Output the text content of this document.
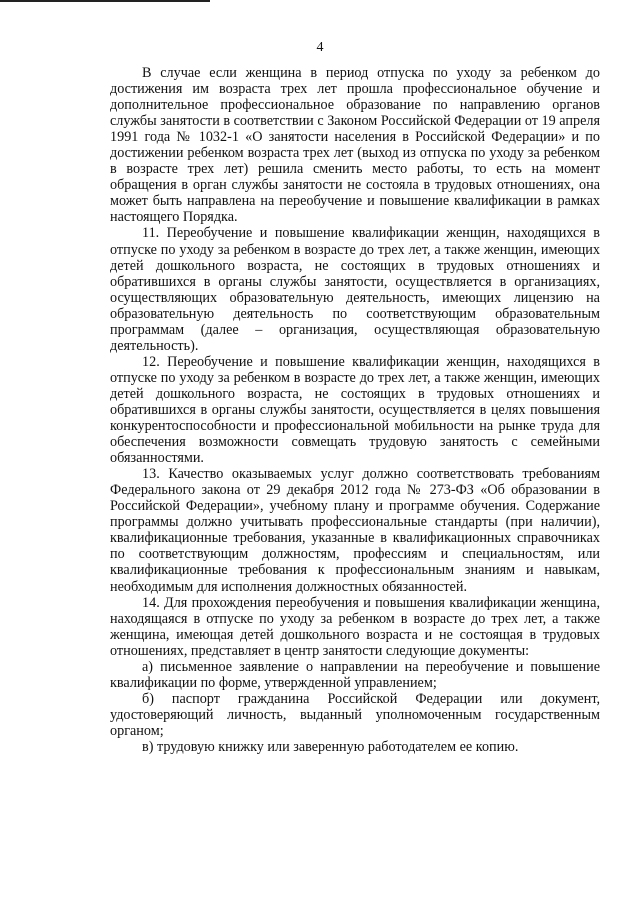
4

В случае если женщина в период отпуска по уходу за ребенком до достижения им возраста трех лет прошла профессиональное обучение и дополнительное профессиональное образование по направлению органов службы занятости в соответствии с Законом Российской Федерации от 19 апреля 1991 года № 1032-1 «О занятости населения в Российской Федерации» и по достижении ребенком возраста трех лет (выход из отпуска по уходу за ребенком в возрасте трех лет) решила сменить место работы, то есть на момент обращения в орган службы занятости не состояла в трудовых отношениях, она может быть направлена на переобучение и повышение квалификации в рамках настоящего Порядка.

11. Переобучение и повышение квалификации женщин, находящихся в отпуске по уходу за ребенком в возрасте до трех лет, а также женщин, имеющих детей дошкольного возраста, не состоящих в трудовых отношениях и обратившихся в органы службы занятости, осуществляется в организациях, осуществляющих образовательную деятельность, имеющих лицензию на образовательную деятельность по соответствующим образовательным программам (далее – организация, осуществляющая образовательную деятельность).

12. Переобучение и повышение квалификации женщин, находящихся в отпуске по уходу за ребенком в возрасте до трех лет, а также женщин, имеющих детей дошкольного возраста, не состоящих в трудовых отношениях и обратившихся в органы службы занятости, осуществляется в целях повышения конкурентоспособности и профессиональной мобильности на рынке труда для обеспечения возможности совмещать трудовую занятость с семейными обязанностями.

13. Качество оказываемых услуг должно соответствовать требованиям Федерального закона от 29 декабря 2012 года № 273-ФЗ «Об образовании в Российской Федерации», учебному плану и программе обучения. Содержание программы должно учитывать профессиональные стандарты (при наличии), квалификационные требования, указанные в квалификационных справочниках по соответствующим должностям, профессиям и специальностям, или квалификационные требования к профессиональным знаниям и навыкам, необходимым для исполнения должностных обязанностей.

14. Для прохождения переобучения и повышения квалификации женщина, находящаяся в отпуске по уходу за ребенком в возрасте до трех лет, а также женщина, имеющая детей дошкольного возраста и не состоящая в трудовых отношениях, представляет в центр занятости следующие документы:

а) письменное заявление о направлении на переобучение и повышение квалификации по форме, утвержденной управлением;

б) паспорт гражданина Российской Федерации или документ, удостоверяющий личность, выданный уполномоченным государственным органом;

в) трудовую книжку или заверенную работодателем ее копию.
